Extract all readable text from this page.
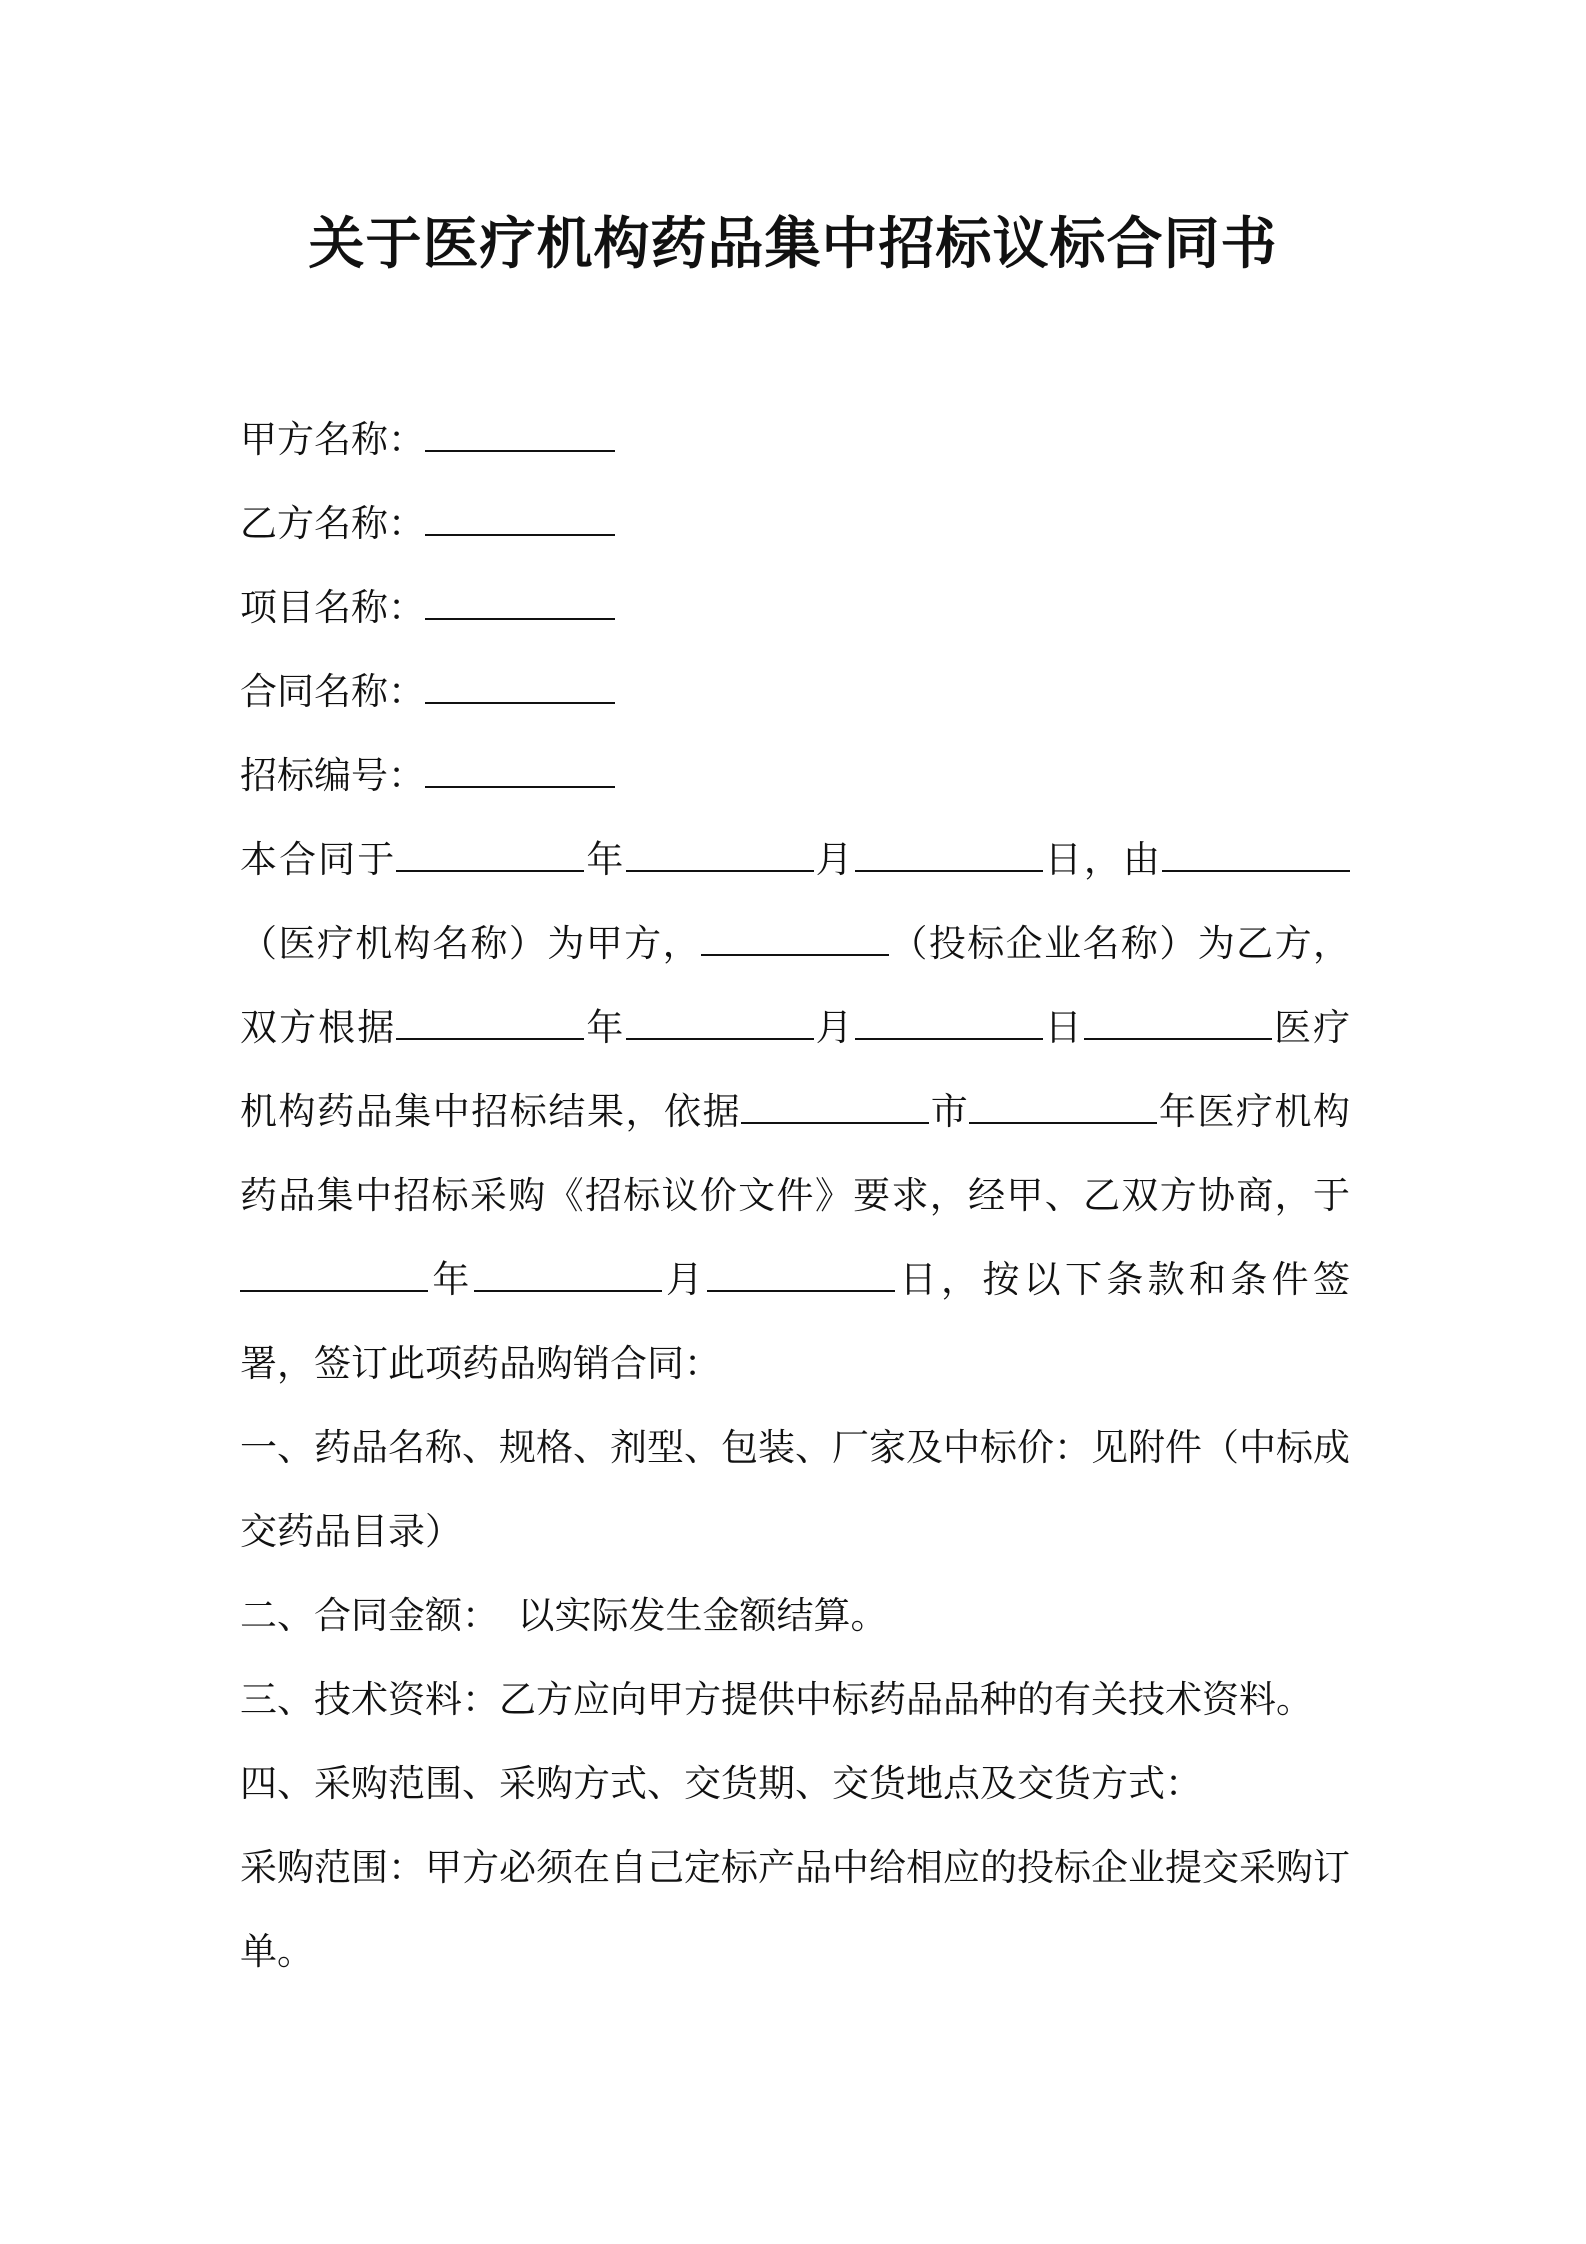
关于医疗机构药品集中招标议标合同书
甲方名称：
乙方名称：
项目名称：
合同名称：
招标编号：

本合同于	年	月	日，由（医疗机构名称）为甲方，	（投标企业名称）为乙方，双方根据	年	月	日	医疗机构药品集中招标结果，依据	市	年医疗机构药品集中招标采购《招标议价文件》要求，经甲、乙双方协商，于年	月	日，按以下条款和条件签署，签订此项药品购销合同：

一、药品名称、规格、剂型、包装、厂家及中标价：见附件（中标成交药品目录）

二、合同金额：　以实际发生金额结算。

三、技术资料：乙方应向甲方提供中标药品品种的有关技术资料。

四、采购范围、采购方式、交货期、交货地点及交货方式：

采购范围：甲方必须在自己定标产品中给相应的投标企业提交采购订单。
